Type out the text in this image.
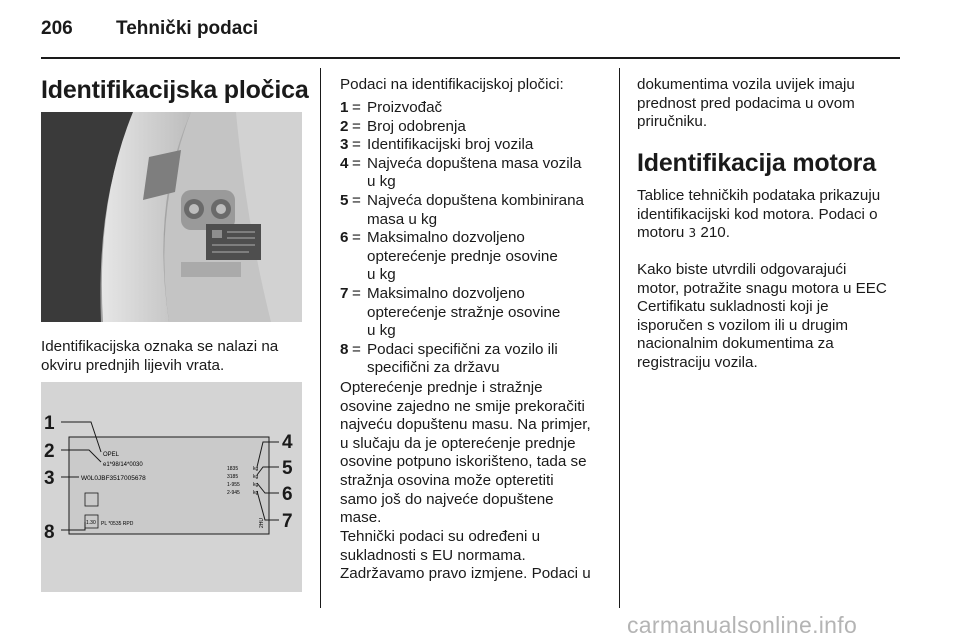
206 Tehnički podaci
Identifikacijska pločica

Identifikacijska oznaka se nalazi na okviru prednjih lijevih vrata.

OPEL
e1*98/14*0030
W0L0JBF3517005678
1835
3185
1-955
2-945
kg
kg
kg
kg
1.30 PL *0535 RPD	2HU
1
2
3
8
4
5
6
7
Podaci na identifikacijskoj pločici:
1 = Proizvođač
2 = Broj odobrenja
3 = Identifikacijski broj vozila
4 = Najveća dopuštena masa vozila
u kg
5 = Najveća dopuštena kombinirana
masa u kg
6 = Maksimalno dozvoljeno
opterećenje prednje osovine
u kg
7 = Maksimalno dozvoljeno
opterećenje stražnje osovine
u kg
8 = Podaci specifični za vozilo ili
specifični za državu
Opterećenje prednje i stražnje
osovine zajedno ne smije prekoračiti
najveću dopuštenu masu. Na primjer,
u slučaju da je opterećenje prednje
osovine potpuno iskorišteno, tada se
stražnja osovina može opteretiti
samo još do najveće dopuštene
mase.
Tehnički podaci su određeni u
sukladnosti s EU normama.
Zadržavamo pravo izmjene. Podaci u
dokumentima vozila uvijek imaju
prednost pred podacima u ovom
priručniku.
Identifikacija motora
Tablice tehničkih podataka prikazuju
identifikacijski kod motora. Podaci o
motoru 3 210.
Kako biste utvrdili odgovarajući
motor, potražite snagu motora u EEC
Certifikatu sukladnosti koji je
isporučen s vozilom ili u drugim
nacionalnim dokumentima za
registraciju vozila.
carmanualsonline.info
